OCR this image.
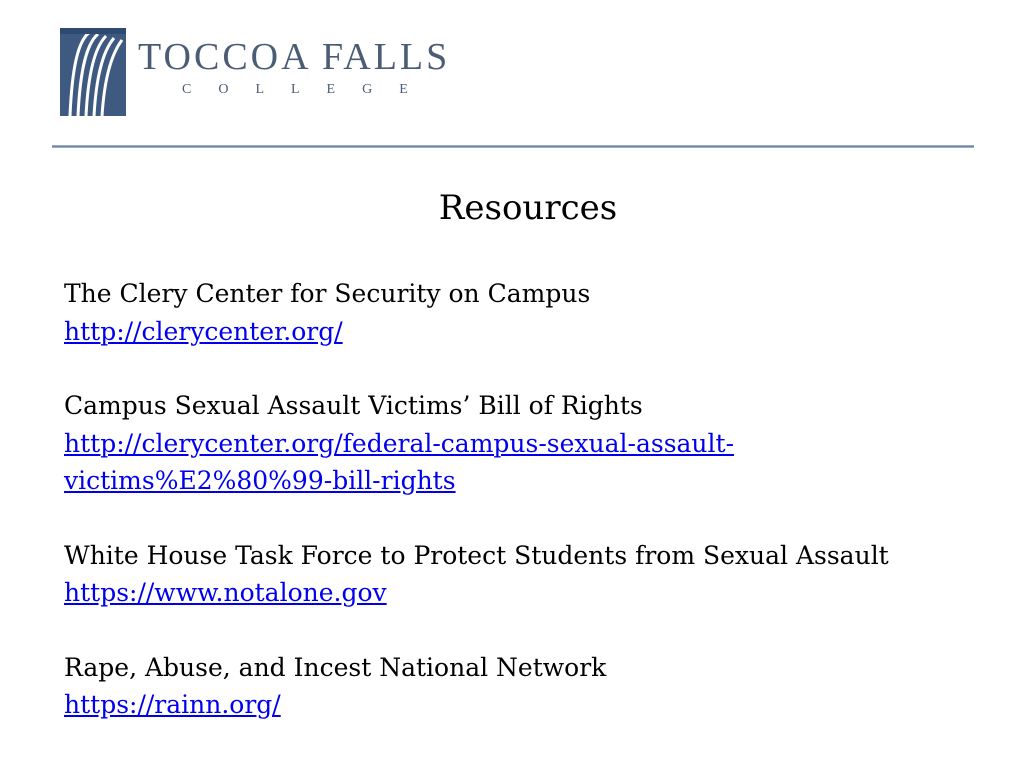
TOCCOA FALLS
COLLEGE
Resources
The Clery Center for Security on Campus
http://clerycenter.org/
Campus Sexual Assault Victims’ Bill of Rights
http://clerycenter.org/federal-campus-sexual-assault-
victims%E2%80%99-bill-rights
White House Task Force to Protect Students from Sexual Assault
https://www.notalone.gov
Rape, Abuse, and Incest National Network
https://rainn.org/
